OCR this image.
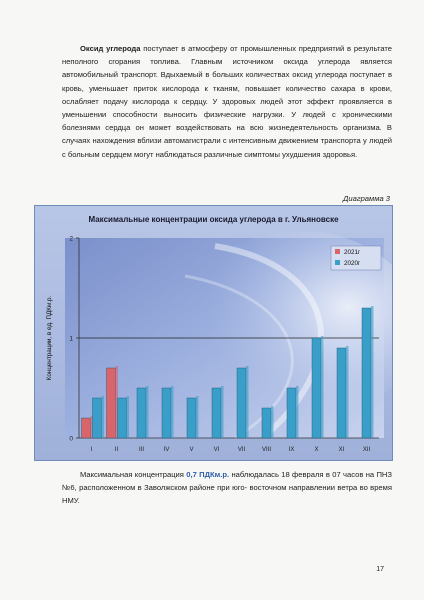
Оксид углерода поступает в атмосферу от промышленных предприятий в результате неполного сгорания топлива. Главным источником оксида углерода является автомобильный транспорт. Вдыхаемый в больших количествах оксид углерода поступает в кровь, уменьшает приток кислорода к тканям, повышает количество сахара в крови, ослабляет подачу кислорода к сердцу. У здоровых людей этот эффект проявляется в уменьшении способности выносить физические нагрузки. У людей с хроническими болезнями сердца он может воздействовать на всю жизнедеятельность организма. В случаях нахождения вблизи автомагистрали с интенсивным движением транспорта у людей с больным сердцем могут наблюдаться различные симптомы ухудшения здоровья.

Диаграмма 3
0
1
2
Концентрации, в ед. ПДКм.р.
I	II	III	IV	V	VI	VII	VIII	IX	X	XI	XII
2021г
2020г
Максимальные концентрации оксида углерода в г. Ульяновске

Максимальная концентрация 0,7 ПДКм.р. наблюдалась 18 февраля в 07 часов на ПНЗ №6, расположенном в Заволжском районе при юго- восточном направлении ветра во время НМУ.

17
